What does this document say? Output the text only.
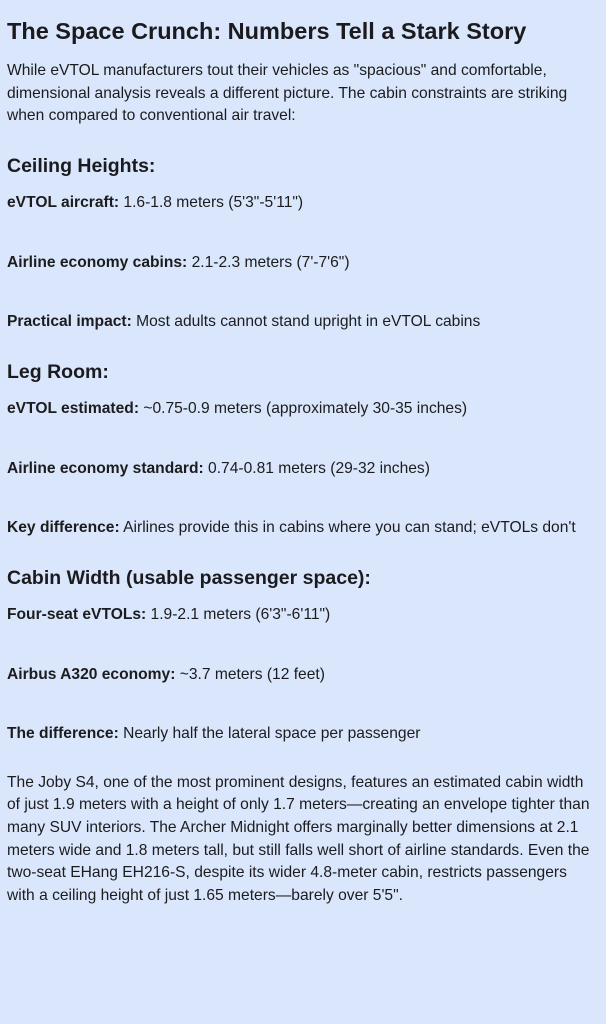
The Space Crunch: Numbers Tell a Stark Story

While eVTOL manufacturers tout their vehicles as "spacious" and comfortable, dimensional analysis reveals a different picture. The cabin constraints are striking when compared to conventional air travel:

Ceiling Heights:

eVTOL aircraft: 1.6-1.8 meters (5'3"-5'11")

Airline economy cabins: 2.1-2.3 meters (7'-7'6")

Practical impact: Most adults cannot stand upright in eVTOL cabins

Leg Room:

eVTOL estimated: ~0.75-0.9 meters (approximately 30-35 inches)

Airline economy standard: 0.74-0.81 meters (29-32 inches)

Key difference: Airlines provide this in cabins where you can stand; eVTOLs don't

Cabin Width (usable passenger space):

Four-seat eVTOLs: 1.9-2.1 meters (6'3"-6'11")

Airbus A320 economy: ~3.7 meters (12 feet)

The difference: Nearly half the lateral space per passenger

The Joby S4, one of the most prominent designs, features an estimated cabin width of just 1.9 meters with a height of only 1.7 meters—creating an envelope tighter than many SUV interiors. The Archer Midnight offers marginally better dimensions at 2.1 meters wide and 1.8 meters tall, but still falls well short of airline standards. Even the two-seat EHang EH216-S, despite its wider 4.8-meter cabin, restricts passengers with a ceiling height of just 1.65 meters—barely over 5'5".
